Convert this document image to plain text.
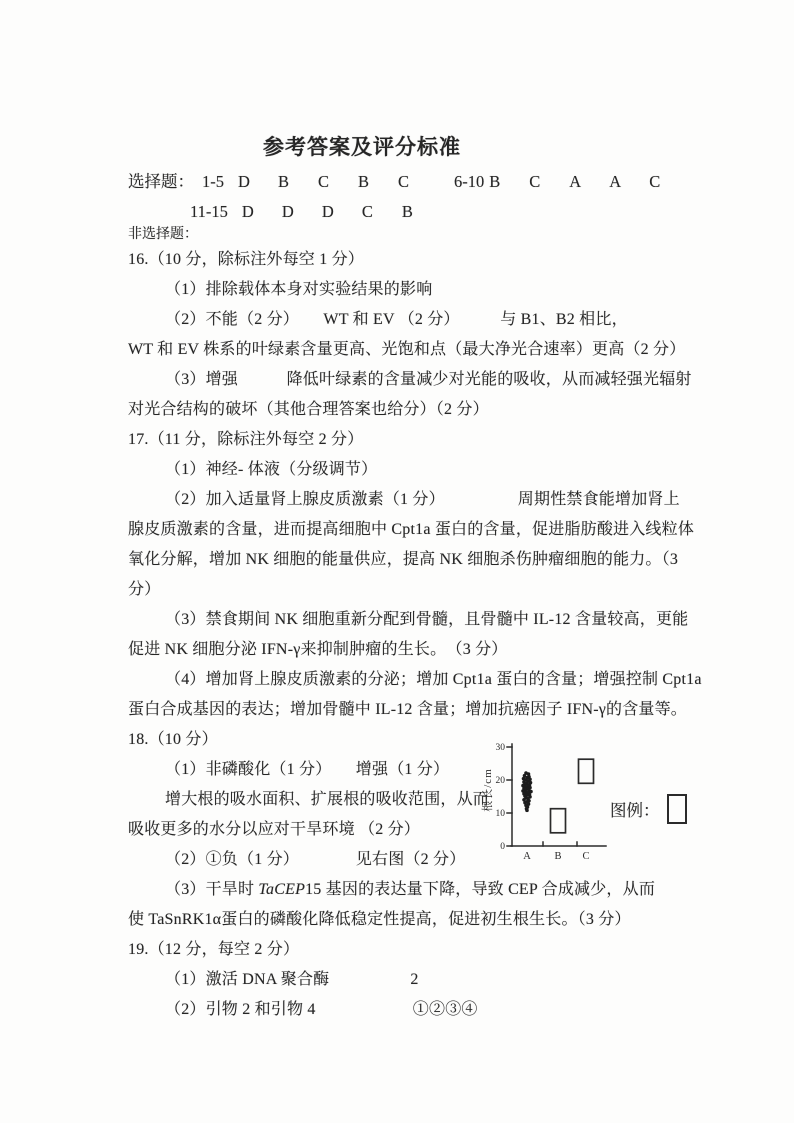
参考答案及评分标准
选择题： 1-5 D	B	C	B	C	6-10 B	C	A	A	C
11-15 D	D	D	C	B
非选择题：
16.（10 分，除标注外每空 1 分）
（1）排除载体本身对实验结果的影响
（2）不能（2 分）　　WT 和 EV （2 分）　　　与 B1、B2 相比，
WT 和 EV 株系的叶绿素含量更高、光饱和点（最大净光合速率）更高（2 分）
（3）增强　　　降低叶绿素的含量减少对光能的吸收，从而减轻强光辐射
对光合结构的破坏（其他合理答案也给分）（2 分）
17.（11 分，除标注外每空 2 分）
（1）神经- 体液（分级调节）
（2）加入适量肾上腺皮质激素（1 分）　　　　　周期性禁食能增加肾上
腺皮质激素的含量，进而提高细胞中 Cpt1a 蛋白的含量，促进脂肪酸进入线粒体
氧化分解，增加 NK 细胞的能量供应，提高 NK 细胞杀伤肿瘤细胞的能力。（3
分）
（3）禁食期间 NK 细胞重新分配到骨髓，且骨髓中 IL-12 含量较高，更能
促进 NK 细胞分泌 IFN-γ来抑制肿瘤的生长。　（3 分）
（4）增加肾上腺皮质激素的分泌；增加 Cpt1a 蛋白的含量；增强控制 Cpt1a
蛋白合成基因的表达；增加骨髓中 IL-12 含量；增加抗癌因子 IFN-γ的含量等。
18.（10 分）
（1）非磷酸化（1 分）　　增强（1 分）
增大根的吸水面积、扩展根的吸收范围，从而
吸收更多的水分以应对干旱环境 （2 分）
（2）①负（1 分）　　　　见右图（2 分）
（3）干旱时 TaCEP15 基因的表达量下降，导致 CEP 合成减少，从而
使 TaSnRK1α蛋白的磷酸化降低稳定性提高，促进初生根生长。（3 分）
19.（12 分，每空 2 分）
（1）激活 DNA 聚合酶　　　　　2
（2）引物 2 和引物 4　　　　　　①②③④
根长/cm
0
10
20
30
A B C
图例：
